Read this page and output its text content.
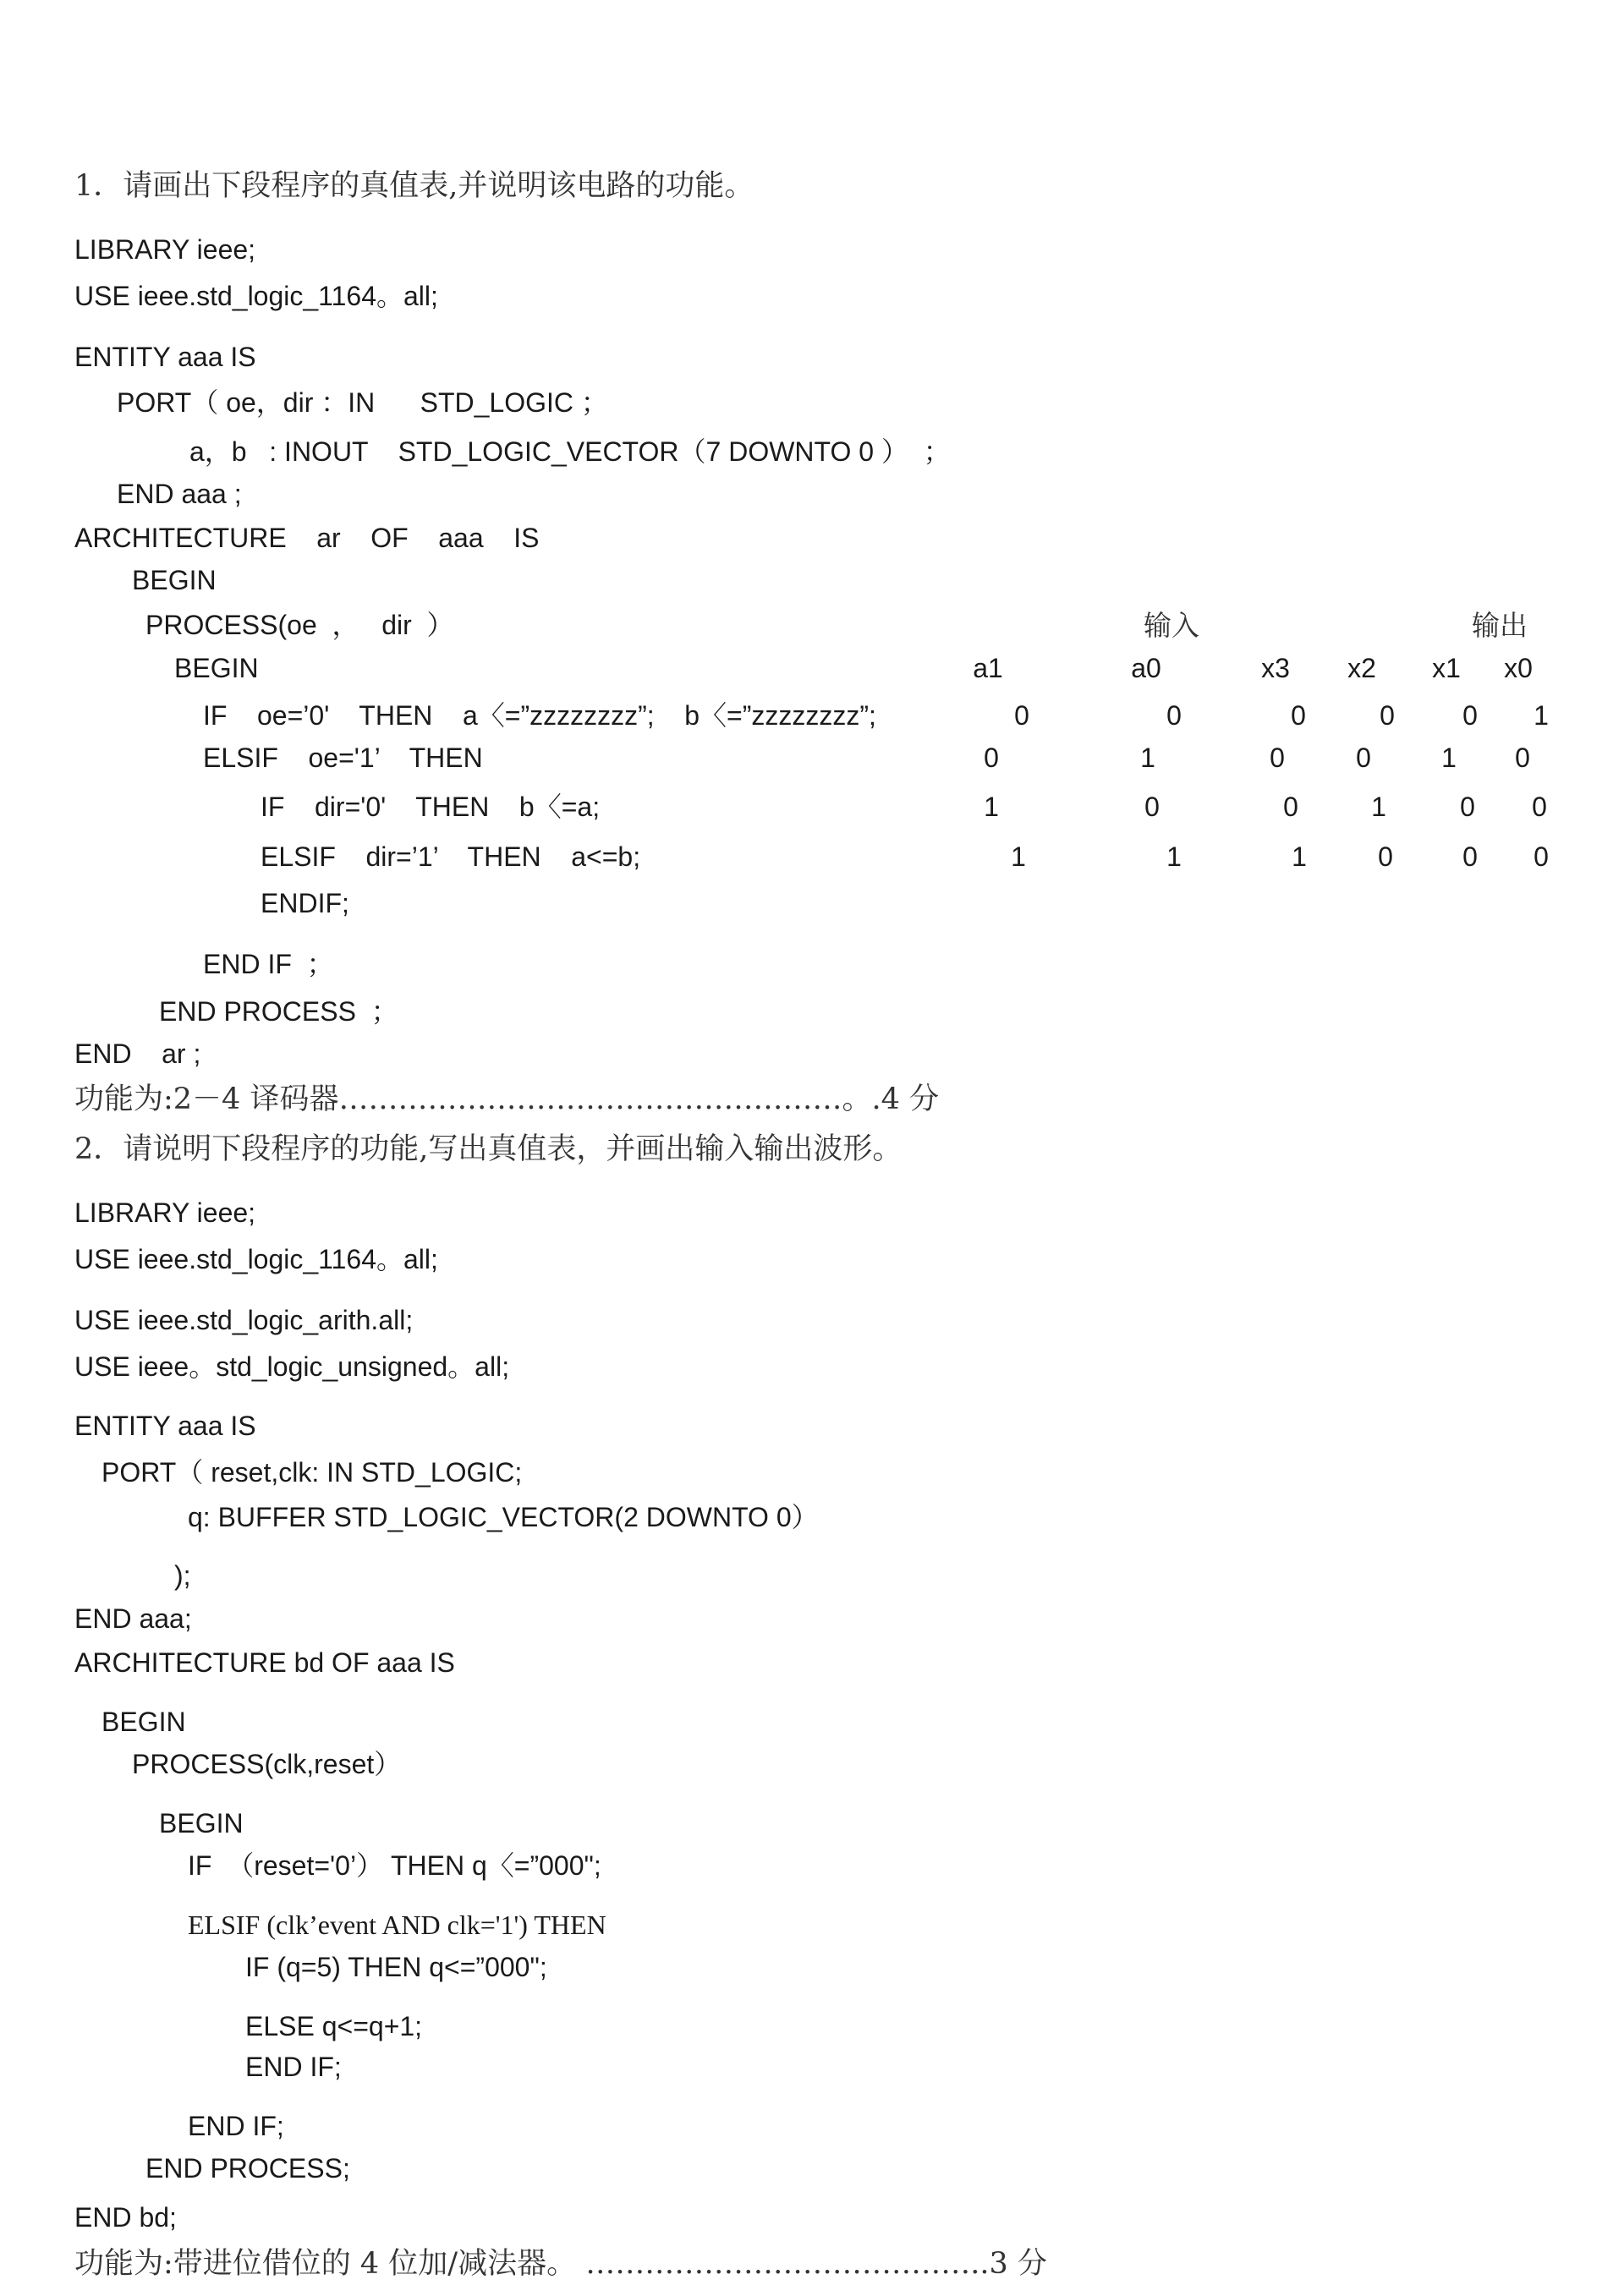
1．请画出下段程序的真值表,并说明该电路的功能。
LIBRARY ieee;
USE ieee.std_logic_1164。all;
ENTITY aaa IS
PORT（ oe，dir ：IN      STD_LOGIC ；
a，b   : INOUT    STD_LOGIC_VECTOR（7 DOWNTO 0 ）  ；
END aaa ;
ARCHITECTURE    ar    OF    aaa    IS
BEGIN
PROCESS(oe  ，   dir  ）
BEGIN
IF    oe=’0'    THEN    a〈=”zzzzzzzz”;    b〈=”zzzzzzzz”;
ELSIF    oe='1’    THEN
IF    dir='0'    THEN    b〈=a;
ELSIF    dir=’1’    THEN    a<=b;
ENDIF;
END IF  ；
END PROCESS  ；
END    ar ;
输入	输出
a1	a0	x3 x2 x1 x0
0	0	0	0	0 1
0	1	0	0	1 0
1	0	0	1	0 0
1	1	1	0	0 0
功能为:2－4 译码器……………………………………………。.4 分
2．请说明下段程序的功能,写出真值表，并画出输入输出波形。
LIBRARY ieee;
USE ieee.std_logic_1164。all;
USE ieee.std_logic_arith.all;
USE ieee。std_logic_unsigned。all;
ENTITY aaa IS
PORT（ reset,clk: IN STD_LOGIC;
q: BUFFER STD_LOGIC_VECTOR(2 DOWNTO 0）
);
END aaa;
ARCHITECTURE bd OF aaa IS
BEGIN
PROCESS(clk,reset）
BEGIN
IF  （reset='0’） THEN q〈=”000";
ELSIF (clk’event AND clk='1') THEN
IF (q=5) THEN q<=”000";
ELSE q<=q+1;
END IF;
END IF;
END PROCESS;
END bd;
功能为:带进位借位的 4 位加/减法器。 …………………………………..3 分
